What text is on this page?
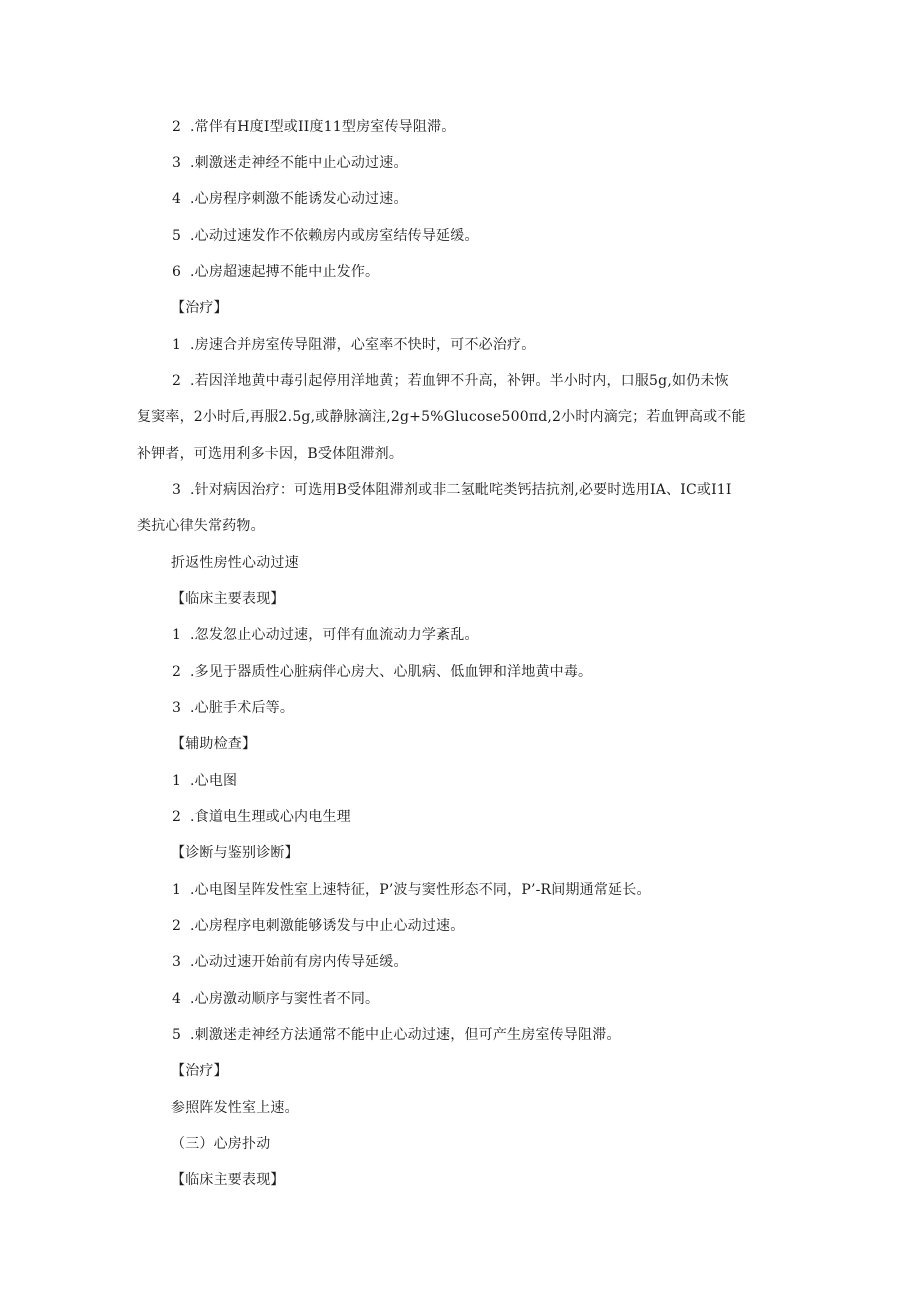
2 .常伴有H度I型或II度11型房室传导阻滞。
3 .刺激迷走神经不能中止心动过速。
4 .心房程序刺激不能诱发心动过速。
5 .心动过速发作不依赖房内或房室结传导延缓。
6 .心房超速起搏不能中止发作。
【治疗】
1 .房速合并房室传导阻滞，心室率不快时，可不必治疗。
2 .若因洋地黄中毒引起停用洋地黄；若血钾不升高，补钾。半小时内，口服5g,如仍未恢
复窦率，2小时后,再服2.5g,或静脉滴注,2g+5%Glucose500πd,2小时内滴完；若血钾高或不能
补钾者，可选用利多卡因，B受体阻滞剂。
3 .针对病因治疗：可选用B受体阻滞剂或非二氢毗咤类钙拮抗剂,必要时选用IA、IC或I1I
类抗心律失常药物。
折返性房性心动过速
【临床主要表现】
1 .忽发忽止心动过速，可伴有血流动力学紊乱。
2 .多见于器质性心脏病伴心房大、心肌病、低血钾和洋地黄中毒。
3 .心脏手术后等。
【辅助检查】
1 .心电图
2 .食道电生理或心内电生理
【诊断与鉴别诊断】
1 .心电图呈阵发性室上速特征，P’波与窦性形态不同，P’-R间期通常延长。
2 .心房程序电刺激能够诱发与中止心动过速。
3 .心动过速开始前有房内传导延缓。
4 .心房激动顺序与窦性者不同。
5 .刺激迷走神经方法通常不能中止心动过速，但可产生房室传导阻滞。
【治疗】
参照阵发性室上速。
（三）心房扑动
【临床主要表现】
